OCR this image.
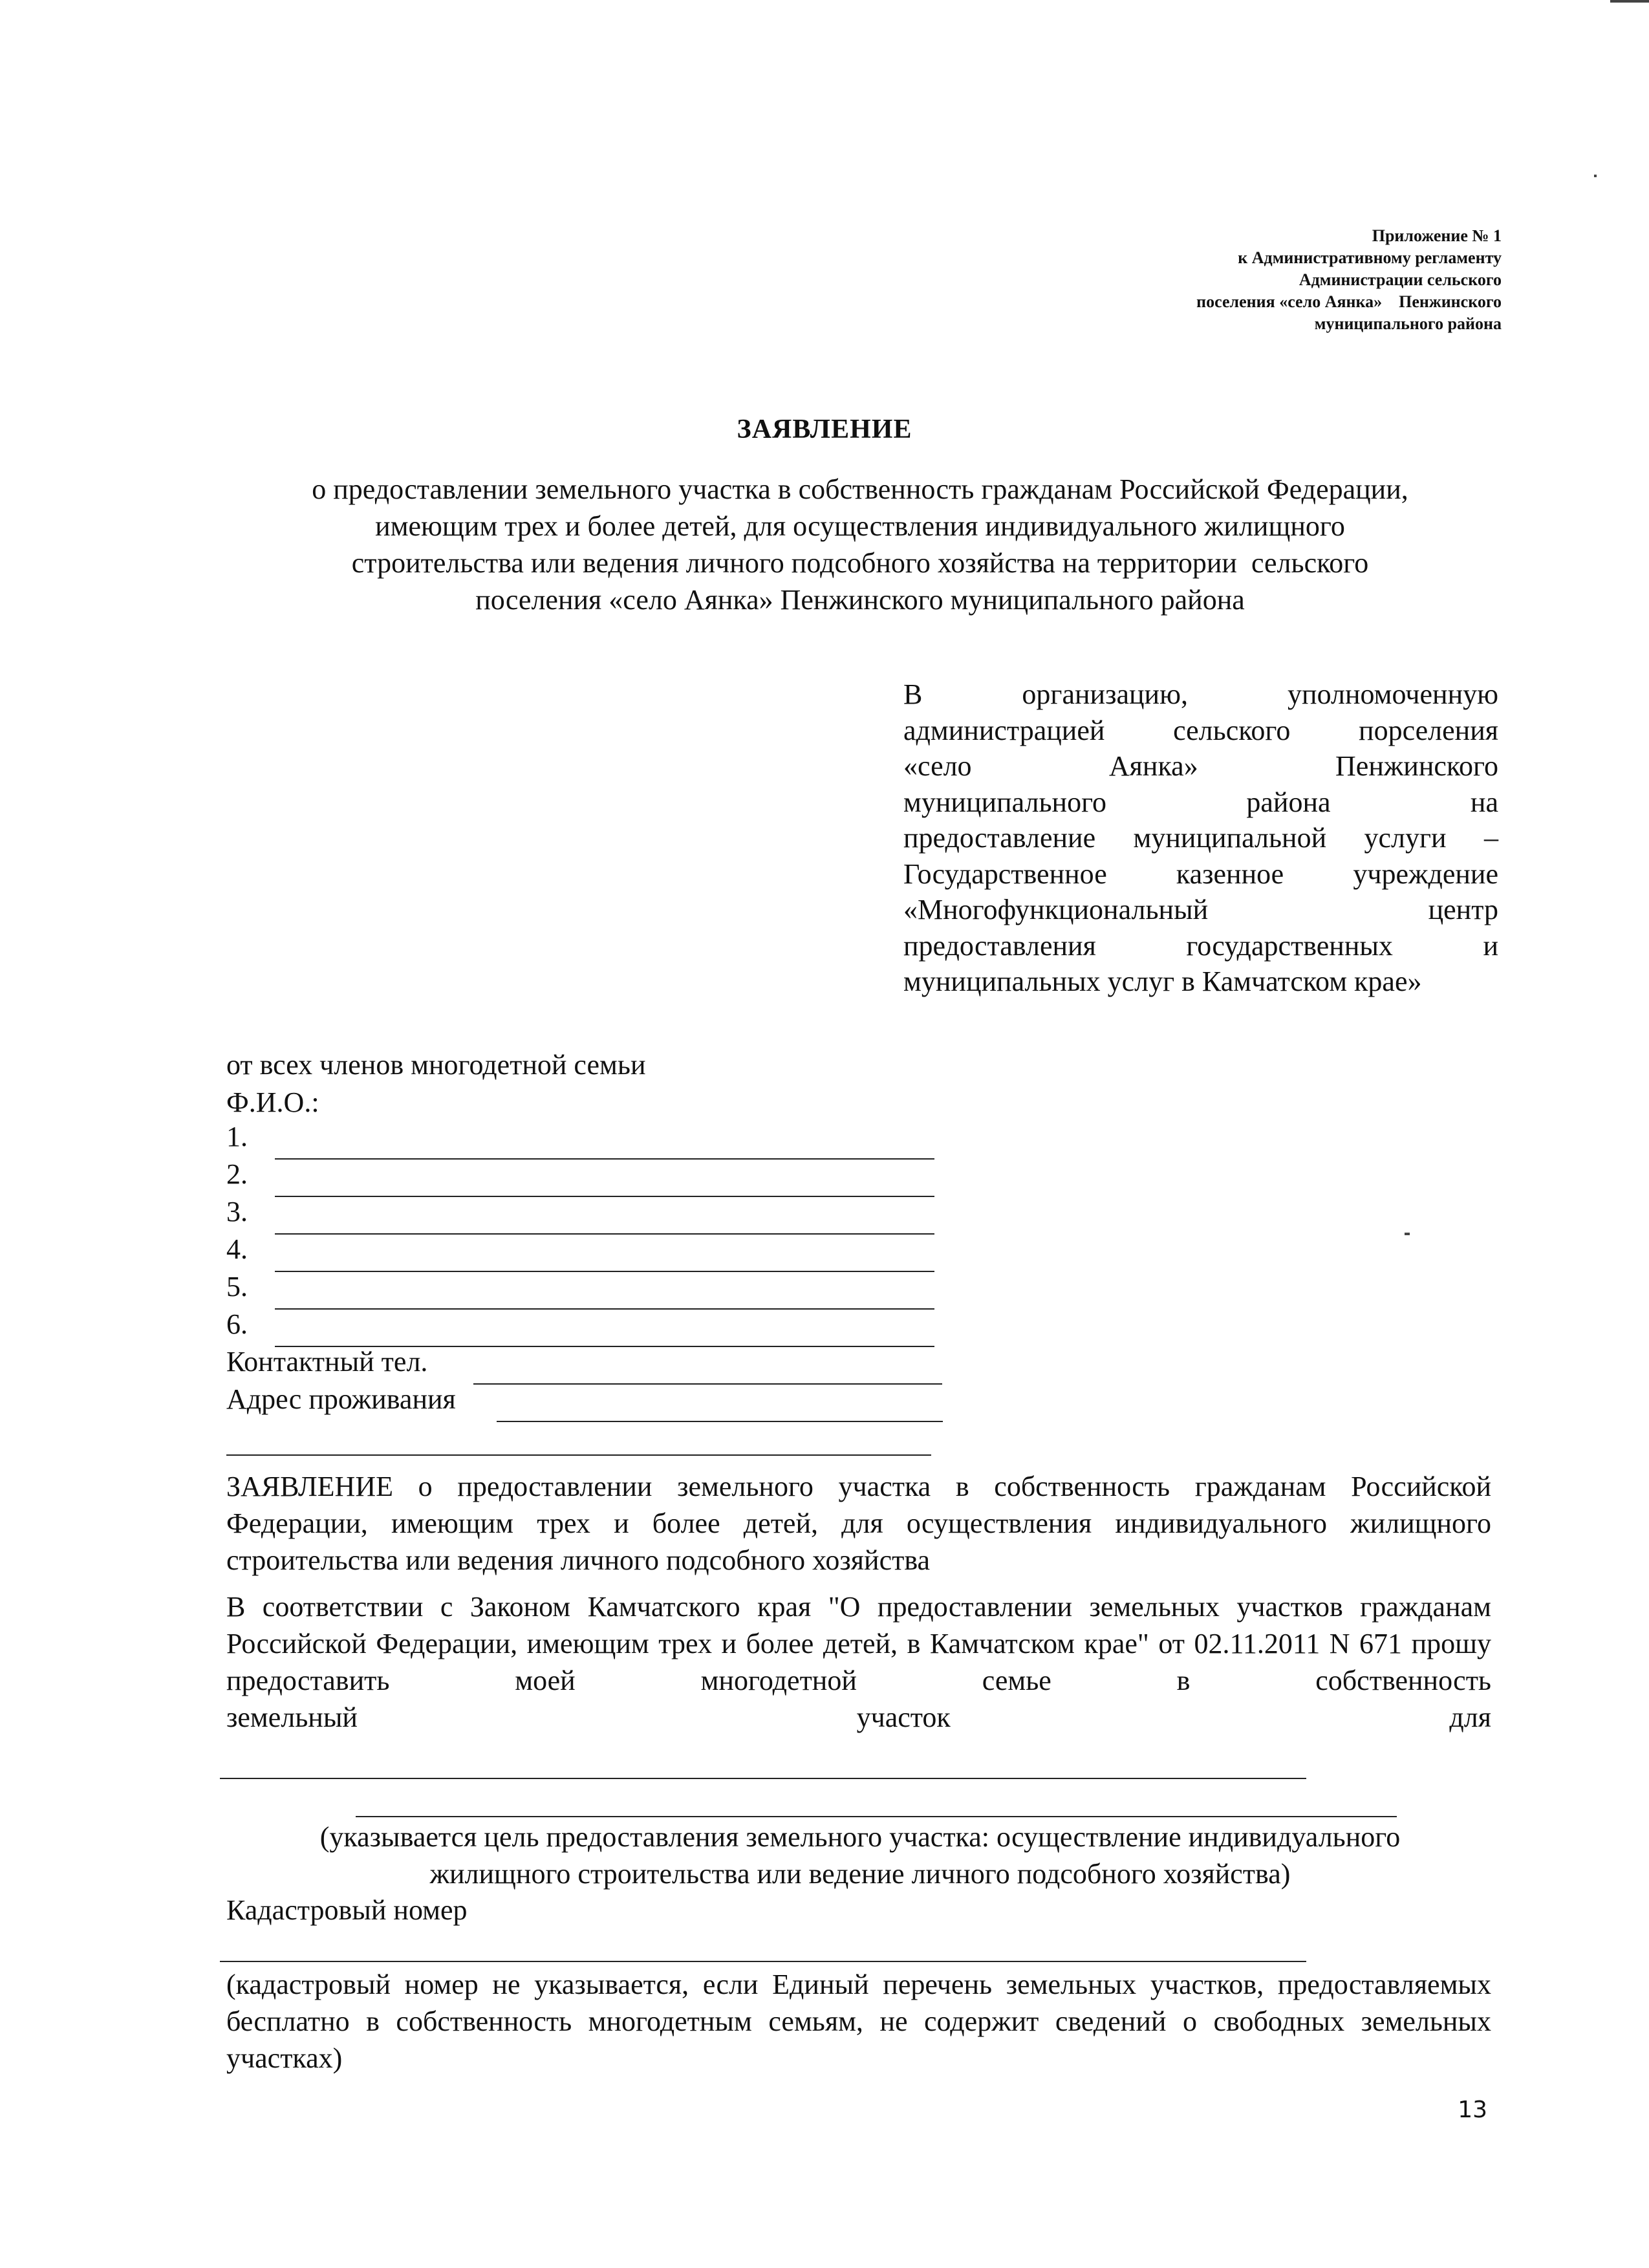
Приложение № 1
к Административному регламенту
Администрации сельского
поселения «село Аянка»    Пенжинского
муниципального района
ЗАЯВЛЕНИЕ
о предоставлении земельного участка в собственность гражданам Российской Федерации,
имеющим трех и более детей, для осуществления индивидуального жилищного
строительства или ведения личного подсобного хозяйства на территории  сельского
поселения «село Аянка» Пенжинского муниципального района
В организацию, уполномоченную
администрацией сельского порселения
«село Аянка» Пенжинского
муниципального района на
предоставление муниципальной услуги –
Государственное казенное учреждение
«Многофункциональный центр
предоставления государственных и
муниципальных услуг в Камчатском крае»
от всех членов многодетной семьи
Ф.И.О.:
1.
2.
3.
4.
5.
6.
Контактный тел.
Адрес проживания
ЗАЯВЛЕНИЕ о предоставлении земельного участка в собственность гражданам Российской Федерации, имеющим трех и более детей, для осуществления индивидуального жилищного строительства или ведения личного подсобного хозяйства
В соответствии с Законом Камчатского края "О предоставлении земельных участков гражданам Российской Федерации, имеющим трех и более детей, в Камчатском крае" от 02.11.2011 N 671 прошу предоставить моей многодетной семье в собственность
земельный участок для
(указывается цель предоставления земельного участка: осуществление индивидуального
жилищного строительства или ведение личного подсобного хозяйства)
Кадастровый номер
(кадастровый номер не указывается, если Единый перечень земельных участков, предоставляемых бесплатно в собственность многодетным семьям, не содержит сведений о свободных земельных участках)
13
